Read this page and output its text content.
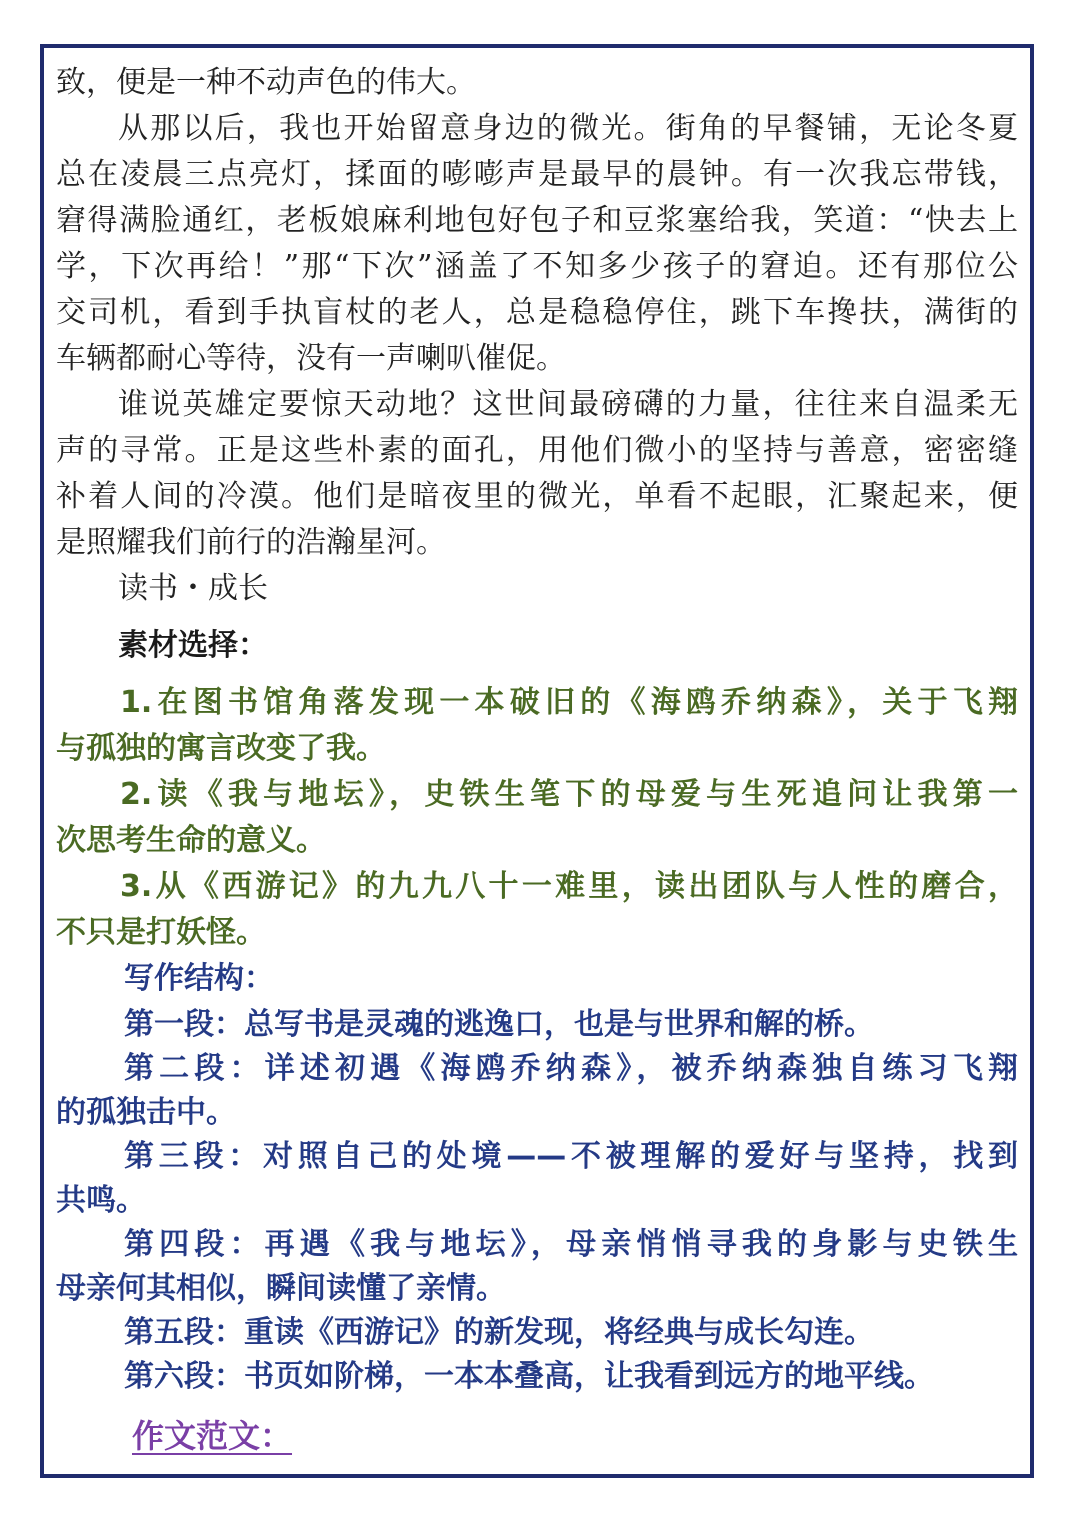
致，便是一种不动声色的伟大。
从那以后，我也开始留意身边的微光。街角的早餐铺，无论冬夏
总在凌晨三点亮灯，揉面的嘭嘭声是最早的晨钟。有一次我忘带钱，
窘得满脸通红，老板娘麻利地包好包子和豆浆塞给我，笑道：“快去上
学，下次再给！”那“下次”涵盖了不知多少孩子的窘迫。还有那位公
交司机，看到手执盲杖的老人，总是稳稳停住，跳下车搀扶，满街的
车辆都耐心等待，没有一声喇叭催促。
谁说英雄定要惊天动地？这世间最磅礴的力量，往往来自温柔无
声的寻常。正是这些朴素的面孔，用他们微小的坚持与善意，密密缝
补着人间的冷漠。他们是暗夜里的微光，单看不起眼，汇聚起来，便
是照耀我们前行的浩瀚星河。
读书・成长
素材选择：
1.在图书馆角落发现一本破旧的《海鸥乔纳森》，关于飞翔
与孤独的寓言改变了我。
2.读《我与地坛》，史铁生笔下的母爱与生死追问让我第一
次思考生命的意义。
3.从《西游记》的九九八十一难里，读出团队与人性的磨合，
不只是打妖怪。
写作结构：
第一段：总写书是灵魂的逃逸口，也是与世界和解的桥。
第二段：详述初遇《海鸥乔纳森》，被乔纳森独自练习飞翔
的孤独击中。
第三段：对照自己的处境——不被理解的爱好与坚持，找到
共鸣。
第四段：再遇《我与地坛》，母亲悄悄寻我的身影与史铁生
母亲何其相似，瞬间读懂了亲情。
第五段：重读《西游记》的新发现，将经典与成长勾连。
第六段：书页如阶梯，一本本叠高，让我看到远方的地平线。
作文范文：
